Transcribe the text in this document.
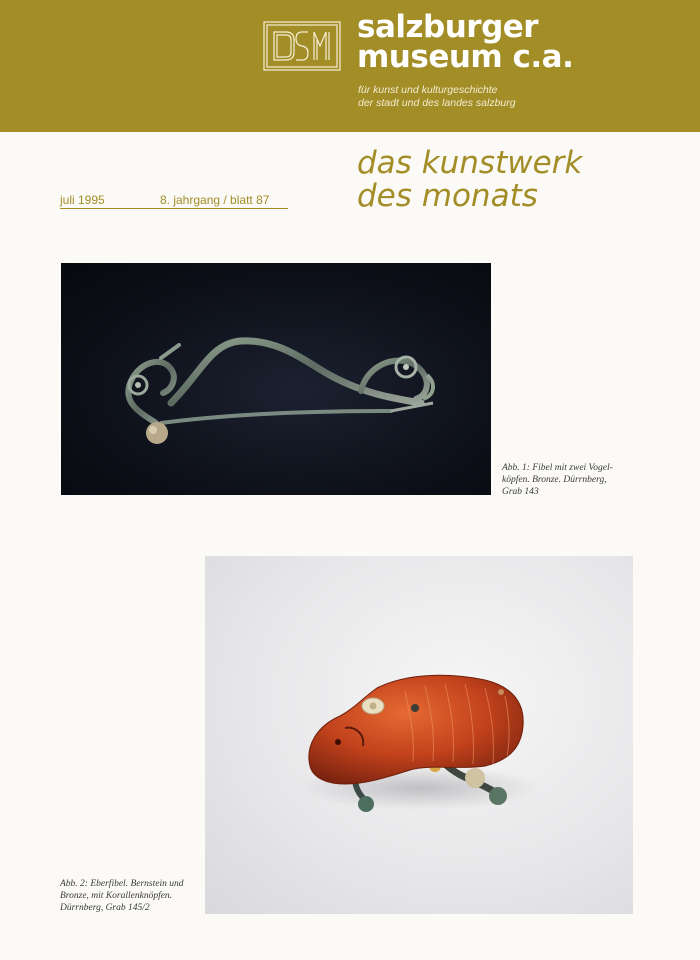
salzburger
museum c.a.
für kunst und kulturgeschichte
der stadt und des landes salzburg
das kunstwerk
des monats
juli 1995	8. jahrgang / blatt 87
Abb. 1: Fibel mit zwei Vogel-
köpfen. Bronze. Dürrnberg,
Grab 143
Abb. 2: Eberfibel. Bernstein und
Bronze, mit Korallenknöpfen.
Dürrnberg, Grab 145/2
